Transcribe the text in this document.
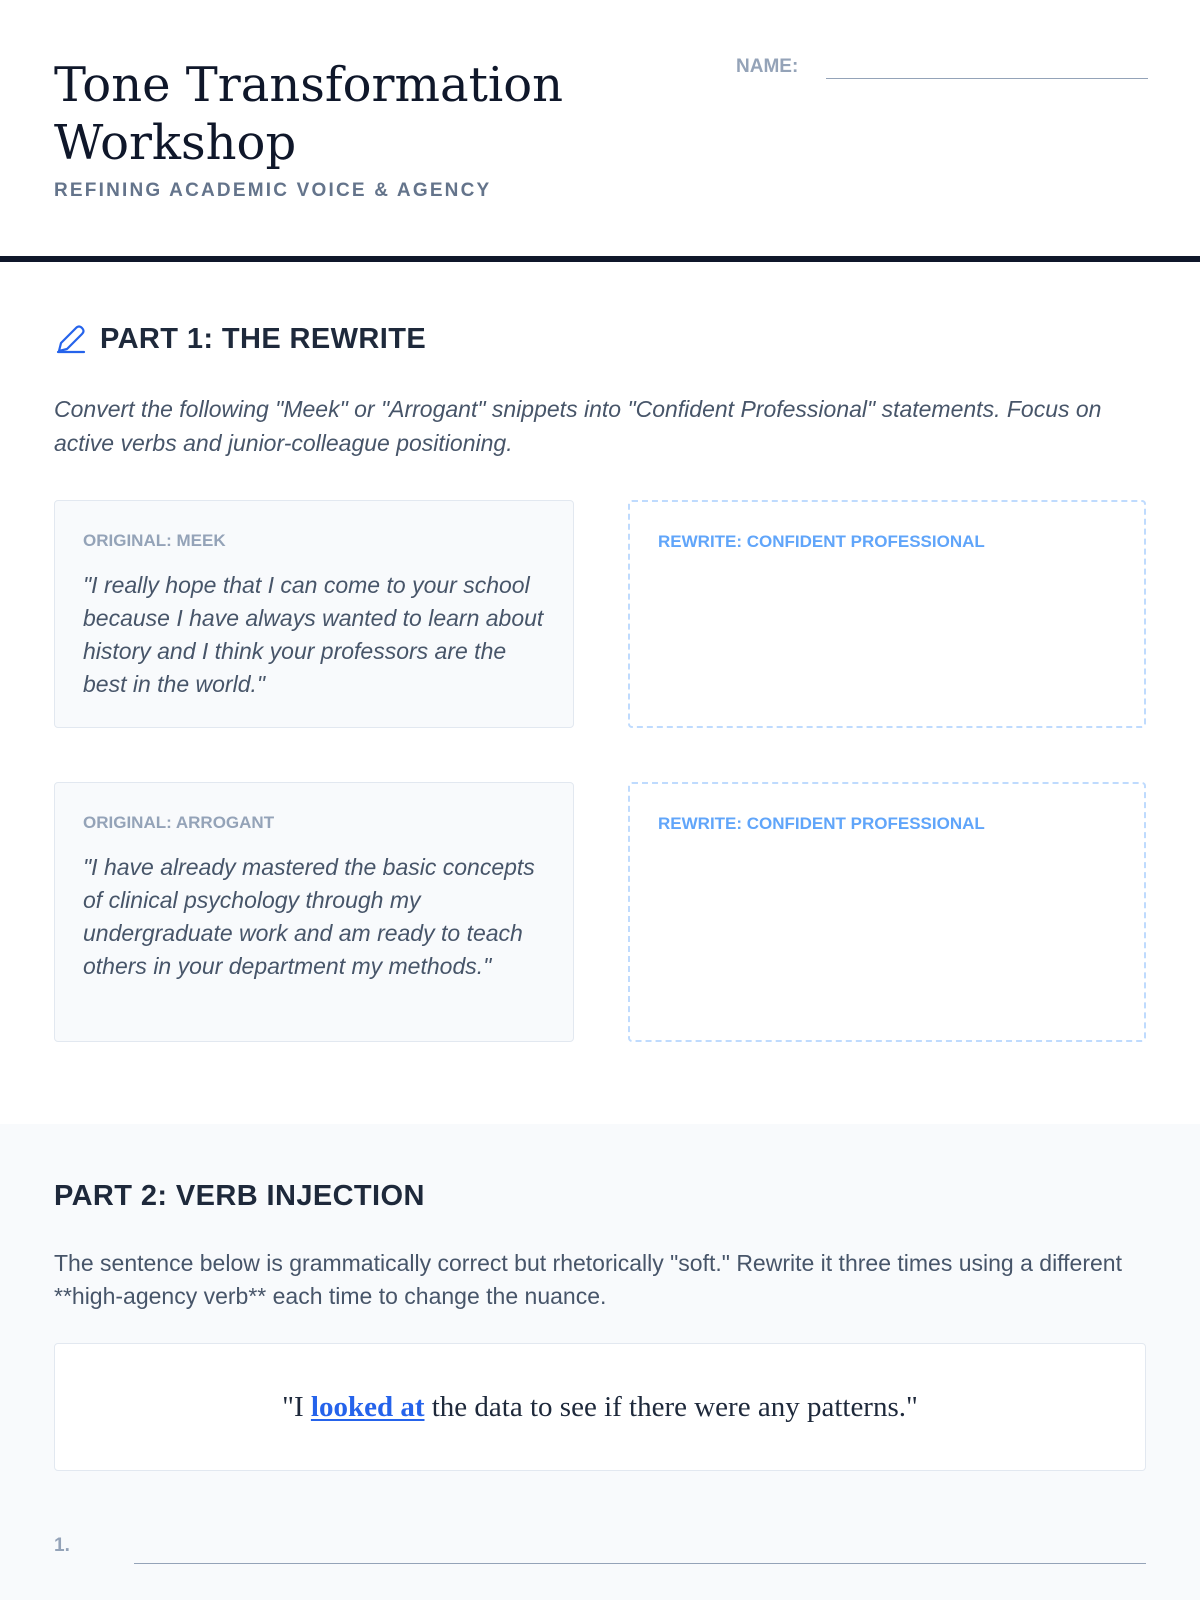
Tone Transformation
Workshop
REFINING ACADEMIC VOICE & AGENCY
NAME:
PART 1: THE REWRITE

Convert the following "Meek" or "Arrogant" snippets into "Confident Professional" statements. Focus on active verbs and junior-colleague positioning.

ORIGINAL: MEEK
"I really hope that I can come to your school because I have always wanted to learn about history and I think your professors are the best in the world."
REWRITE: CONFIDENT PROFESSIONAL
ORIGINAL: ARROGANT
"I have already mastered the basic concepts of clinical psychology through my undergraduate work and am ready to teach others in your department my methods."
REWRITE: CONFIDENT PROFESSIONAL
PART 2: VERB INJECTION

The sentence below is grammatically correct but rhetorically "soft." Rewrite it three times using a different **high-agency verb** each time to change the nuance.

"I looked at the data to see if there were any patterns."
1.
